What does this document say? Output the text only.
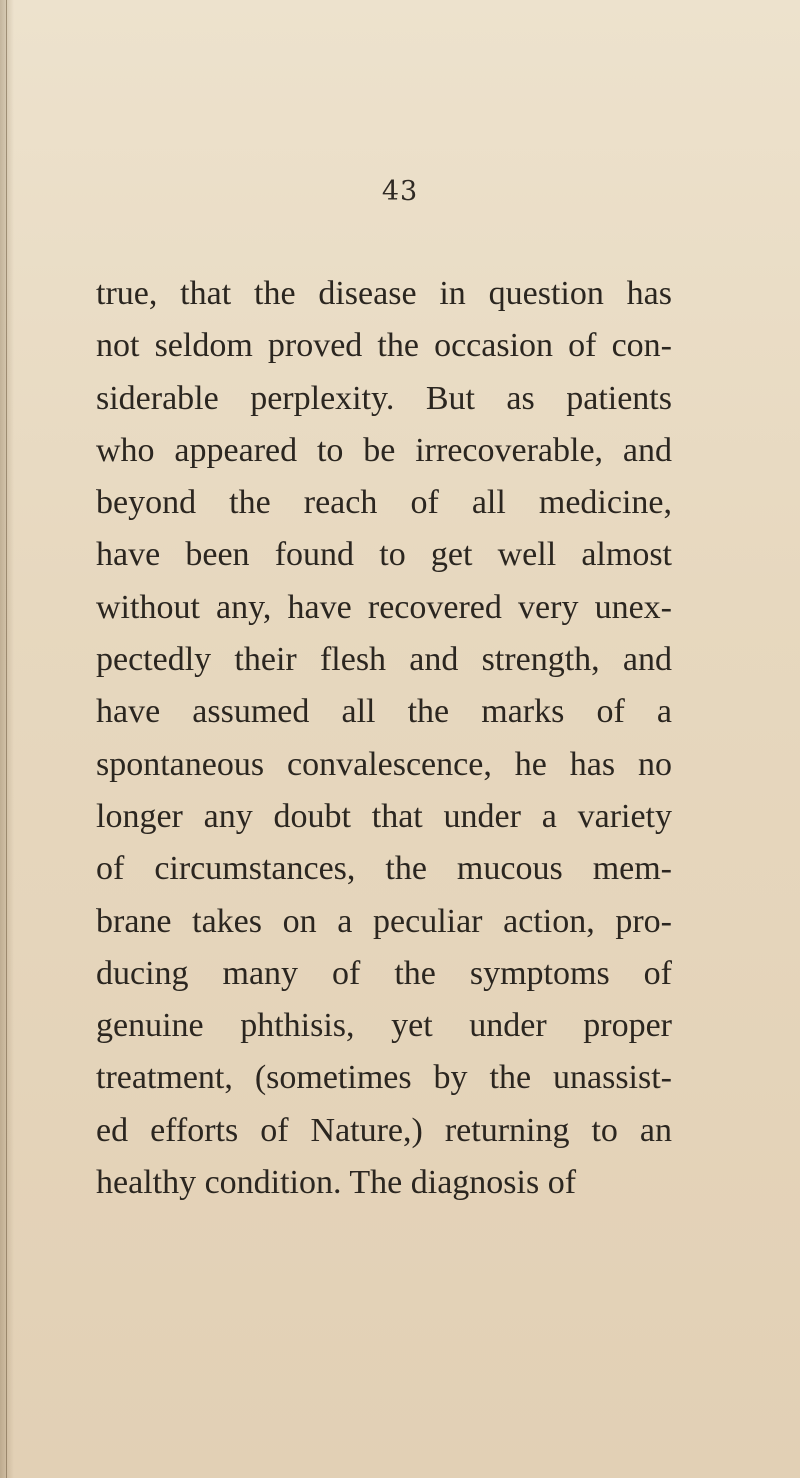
43
true, that the disease in question has
not seldom proved the occasion of con-
siderable perplexity. But as patients
who appeared to be irrecoverable, and
beyond the reach of all medicine,
have been found to get well almost
without any, have recovered very unex-
pectedly their flesh and strength, and
have assumed all the marks of a
spontaneous convalescence, he has no
longer any doubt that under a variety
of circumstances, the mucous mem-
brane takes on a peculiar action, pro-
ducing many of the symptoms of
genuine phthisis, yet under proper
treatment, (sometimes by the unassist-
ed efforts of Nature,) returning to an
healthy condition. The diagnosis of
